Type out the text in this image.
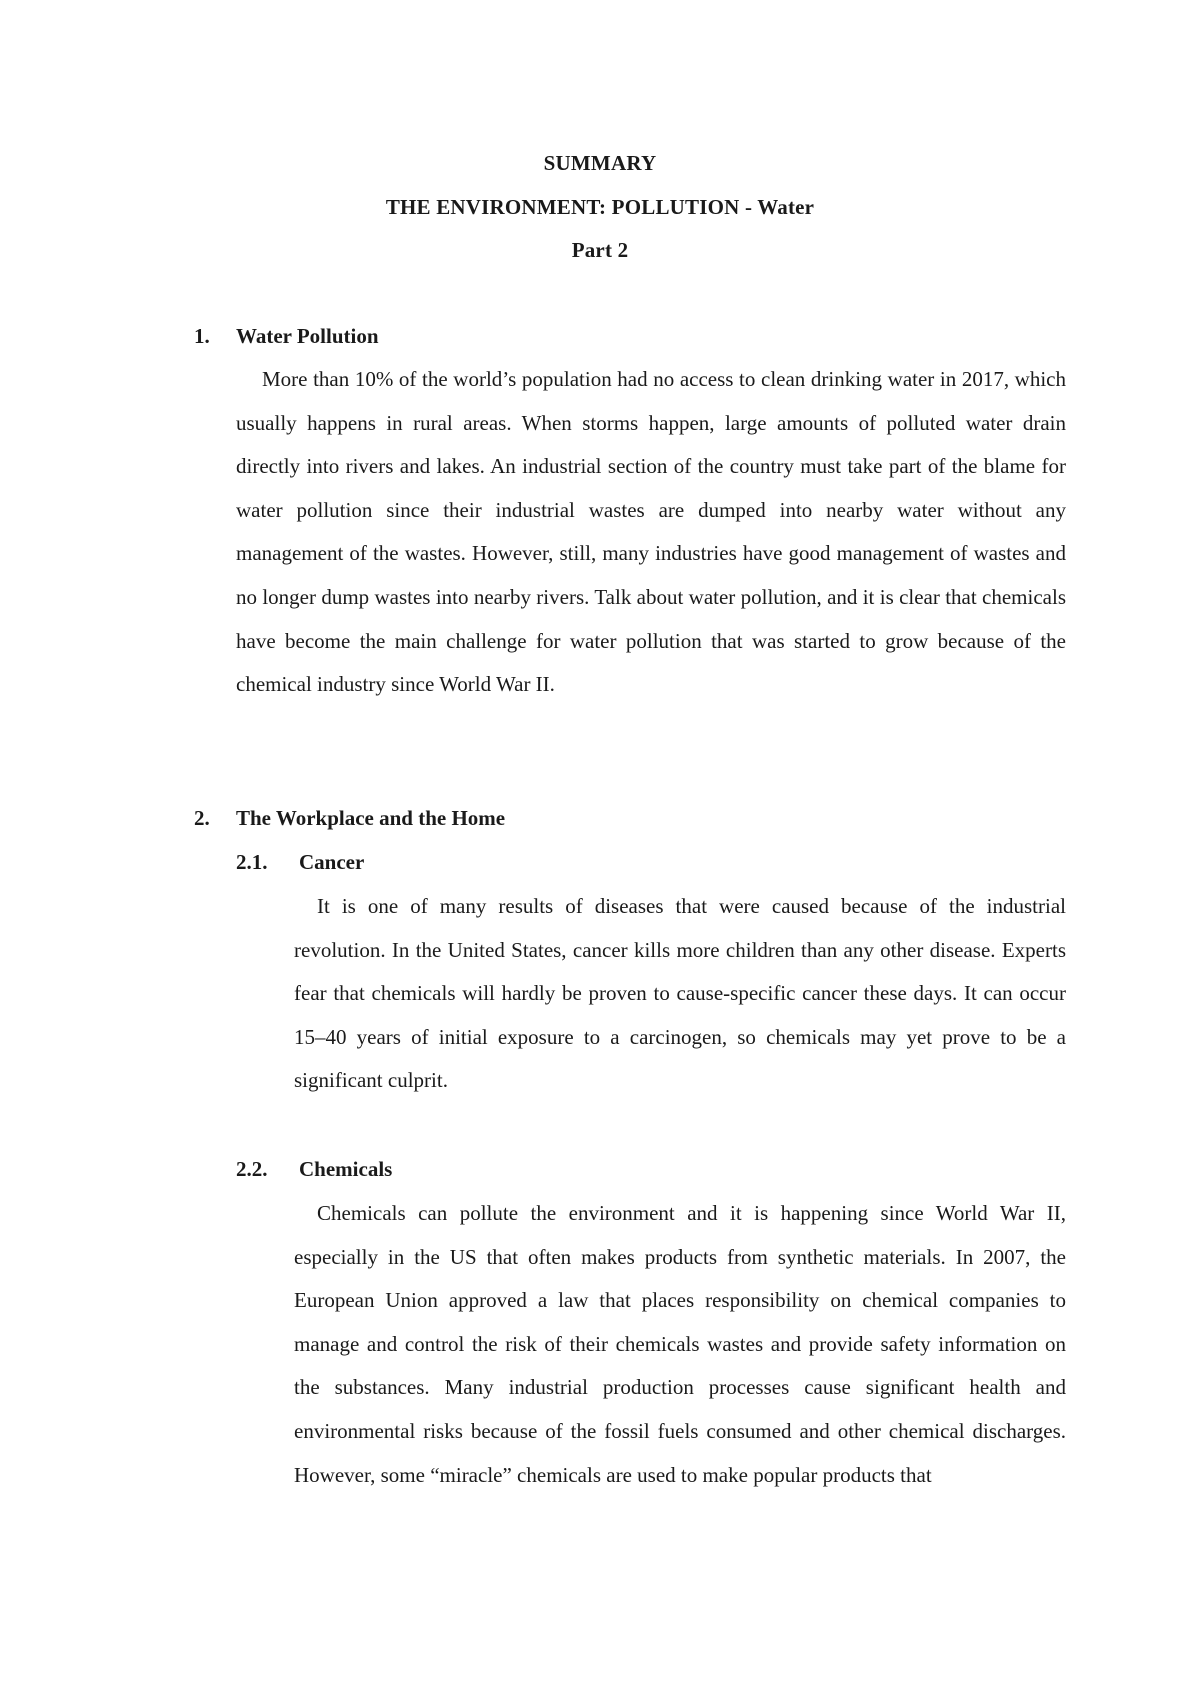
SUMMARY
THE ENVIRONMENT: POLLUTION - Water
Part 2
1. Water Pollution

More than 10% of the world’s population had no access to clean drinking water in 2017, which usually happens in rural areas. When storms happen, large amounts of polluted water drain directly into rivers and lakes. An industrial section of the country must take part of the blame for water pollution since their industrial wastes are dumped into nearby water without any management of the wastes. However, still, many industries have good management of wastes and no longer dump wastes into nearby rivers. Talk about water pollution, and it is clear that chemicals have become the main challenge for water pollution that was started to grow because of the chemical industry since World War II.

2. The Workplace and the Home
2.1. Cancer

It is one of many results of diseases that were caused because of the industrial revolution. In the United States, cancer kills more children than any other disease. Experts fear that chemicals will hardly be proven to cause-specific cancer these days. It can occur 15–40 years of initial exposure to a carcinogen, so chemicals may yet prove to be a significant culprit.

2.2. Chemicals

Chemicals can pollute the environment and it is happening since World War II, especially in the US that often makes products from synthetic materials. In 2007, the European Union approved a law that places responsibility on chemical companies to manage and control the risk of their chemicals wastes and provide safety information on the substances. Many industrial production processes cause significant health and environmental risks because of the fossil fuels consumed and other chemical discharges. However, some “miracle” chemicals are used to make popular products that
